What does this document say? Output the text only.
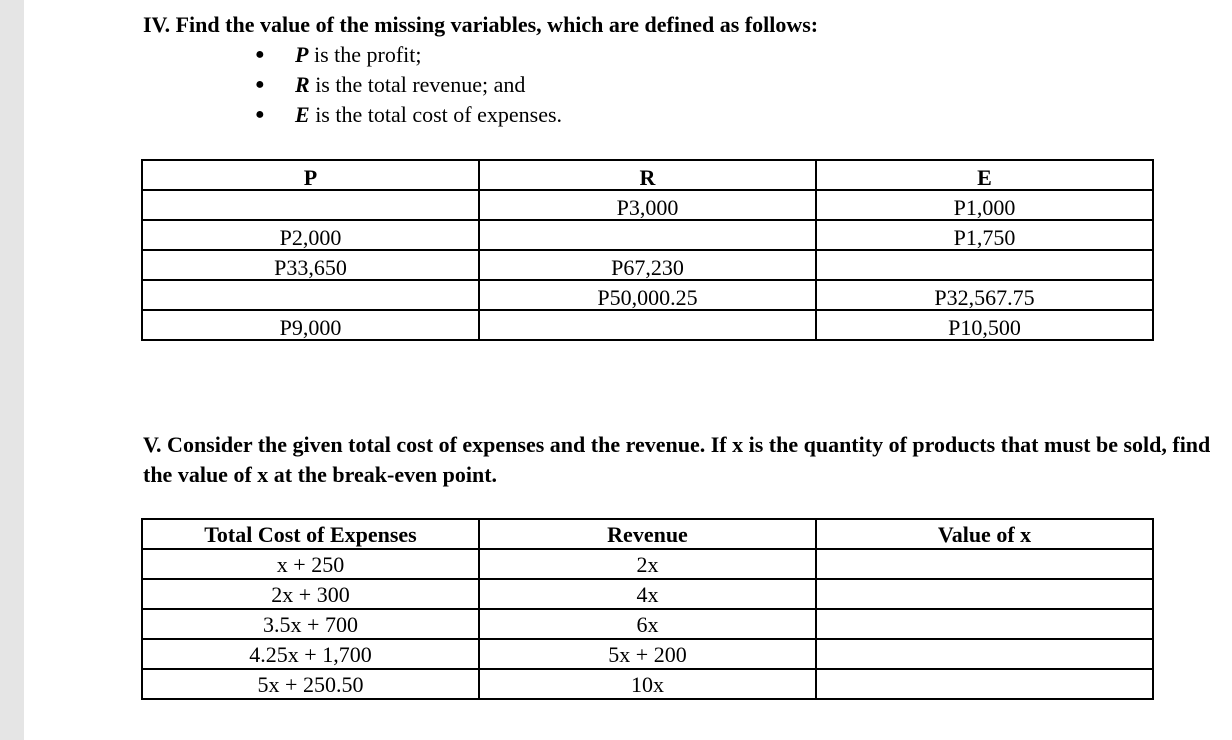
IV. Find the value of the missing variables, which are defined as follows:

● P is the profit;
● R is the total revenue; and
● E is the total cost of expenses.
P	R	E
	P3,000	P1,000
P2,000		P1,750
P33,650	P67,230	
	P50,000.25	P32,567.75
P9,000		P10,500

V. Consider the given total cost of expenses and the revenue. If x is the quantity of products that must be sold, find the value of x at the break-even point.

Total Cost of Expenses	Revenue	Value of x
x + 250	2x	
2x + 300	4x	
3.5x + 700	6x	
4.25x + 1,700	5x + 200	
5x + 250.50	10x	
